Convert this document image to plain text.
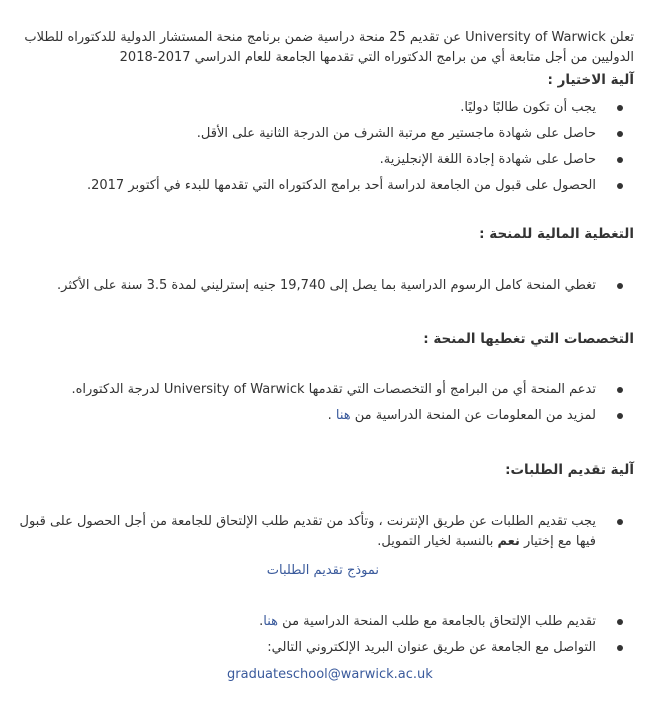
تعلن University of Warwick عن تقديم 25 منحة دراسية ضمن برنامج منحة المستشار الدولية للدكتوراه للطلاب الدوليين من أجل متابعة أي من برامج الدكتوراه التي تقدمها الجامعة للعام الدراسي 2017-2018

آلية الاختيار :

يجب أن تكون طالبًا دوليًا.
حاصل على شهادة ماجستير مع مرتبة الشرف من الدرجة الثانية على الأقل.
حاصل على شهادة إجادة اللغة الإنجليزية.
الحصول على قبول من الجامعة لدراسة أحد برامج الدكتوراه التي تقدمها للبدء في أكتوبر 2017.

التغطية المالية للمنحة :

تغطي المنحة كامل الرسوم الدراسية بما يصل إلى 19,740 جنيه إسترليني لمدة 3.5 سنة على الأكثر.

التخصصات التي تغطيها المنحة :

تدعم المنحة أي من البرامج أو التخصصات التي تقدمها University of Warwick لدرجة الدكتوراه.
لمزيد من المعلومات عن المنحة الدراسية من هنا .

آلية تقديم الطلبات:

يجب تقديم الطلبات عن طريق الإنترنت ، وتأكد من تقديم طلب الإلتحاق للجامعة من أجل الحصول على قبول فيها مع إختيار نعم بالنسبة لخيار التمويل.
نموذج تقديم الطلبات
تقديم طلب الإلتحاق بالجامعة مع طلب المنحة الدراسية من هنا.
التواصل مع الجامعة عن طريق عنوان البريد الإلكتروني التالي:
graduateschool@warwick.ac.uk
